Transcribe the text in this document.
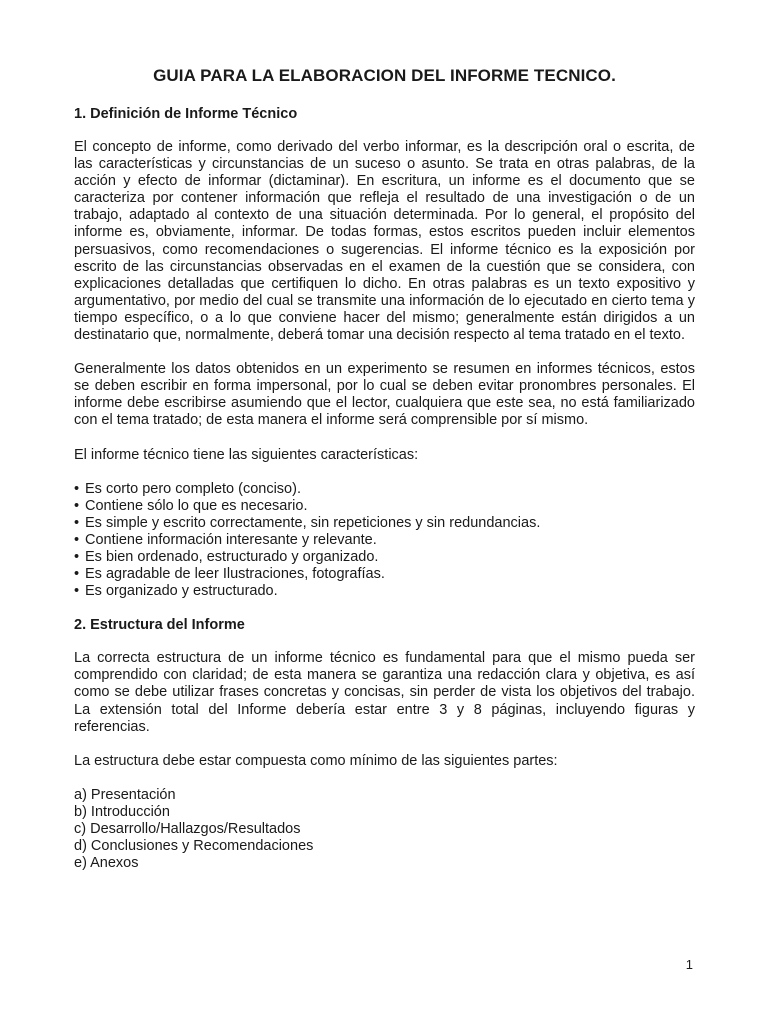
GUIA PARA LA ELABORACION DEL INFORME TECNICO.
1. Definición de Informe Técnico

El concepto de informe, como derivado del verbo informar, es la descripción oral o escrita, de las características y circunstancias de un suceso o asunto. Se trata en otras palabras, de la acción y efecto de informar (dictaminar). En escritura, un informe es el documento que se caracteriza por contener información que refleja el resultado de una investigación o de un trabajo, adaptado al contexto de una situación determinada. Por lo general, el propósito del informe es, obviamente, informar. De todas formas, estos escritos pueden incluir elementos persuasivos, como recomendaciones o sugerencias. El informe técnico es la exposición por escrito de las circunstancias observadas en el examen de la cuestión que se considera, con explicaciones detalladas que certifiquen lo dicho. En otras palabras es un texto expositivo y argumentativo, por medio del cual se transmite una información de lo ejecutado en cierto tema y tiempo específico, o a lo que conviene hacer del mismo; generalmente están dirigidos a un destinatario que, normalmente, deberá tomar una decisión respecto al tema tratado en el texto.

Generalmente los datos obtenidos en un experimento se resumen en informes técnicos, estos se deben escribir en forma impersonal, por lo cual se deben evitar pronombres personales. El informe debe escribirse asumiendo que el lector, cualquiera que este sea, no está familiarizado con el tema tratado; de esta manera el informe será comprensible por sí mismo.

El informe técnico tiene las siguientes características:

• Es corto pero completo (conciso).
• Contiene sólo lo que es necesario.
• Es simple y escrito correctamente, sin repeticiones y sin redundancias.
• Contiene información interesante y relevante.
• Es bien ordenado, estructurado y organizado.
• Es agradable de leer Ilustraciones, fotografías.
• Es organizado y estructurado.
2. Estructura del Informe

La correcta estructura de un informe técnico es fundamental para que el mismo pueda ser comprendido con claridad; de esta manera se garantiza una redacción clara y objetiva, es así como se debe utilizar frases concretas y concisas, sin perder de vista los objetivos del trabajo. La extensión total del Informe debería estar entre 3 y 8 páginas, incluyendo figuras y referencias.

La estructura debe estar compuesta como mínimo de las siguientes partes:

a) Presentación
b) Introducción
c) Desarrollo/Hallazgos/Resultados
d) Conclusiones y Recomendaciones
e) Anexos
1
